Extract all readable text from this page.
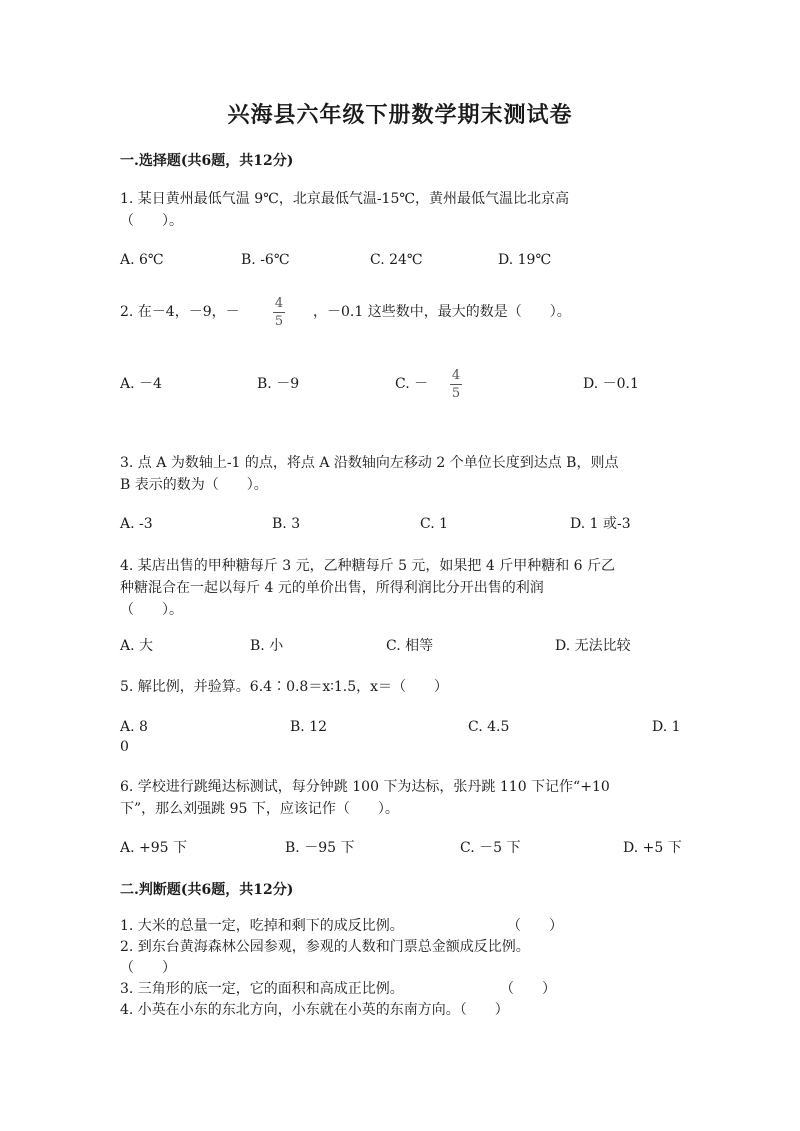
兴海县六年级下册数学期末测试卷
一.选择题(共6题，共12分)
1. 某日黄州最低气温 9℃，北京最低气温-15℃，黄州最低气温比北京高
（　　）。
A. 6℃	B. -6℃	C. 24℃	D. 19℃
2. 在－4，－9，－
4
5
，－0.1 这些数中，最大的数是（　　）。
A. －4	B. －9	C. －
4
5
D. －0.1
3. 点 A 为数轴上-1 的点，将点 A 沿数轴向左移动 2 个单位长度到达点 B，则点
B 表示的数为（　　）。
A. -3	B. 3	C. 1	D. 1 或-3
4. 某店出售的甲种糖每斤 3 元，乙种糖每斤 5 元，如果把 4 斤甲种糖和 6 斤乙
种糖混合在一起以每斤 4 元的单价出售，所得利润比分开出售的利润
（　　）。
A. 大	B. 小	C. 相等	D. 无法比较
5. 解比例，并验算。6.4∶0.8＝x∶1.5，x＝（　　）
A. 8	B. 12	C. 4.5	D. 1
0
6. 学校进行跳绳达标测试，每分钟跳 100 下为达标，张丹跳 110 下记作“+10
下”，那么刘强跳 95 下，应该记作（　　）。
A. +95 下	B. －95 下	C. －5 下	D. +5 下
二.判断题(共6题，共12分)
1. 大米的总量一定，吃掉和剩下的成反比例。	（　　）
2. 到东台黄海森林公园参观，参观的人数和门票总金额成反比例。
（　　）
3. 三角形的底一定，它的面积和高成正比例。	（　　）
4. 小英在小东的东北方向，小东就在小英的东南方向。（　　）
